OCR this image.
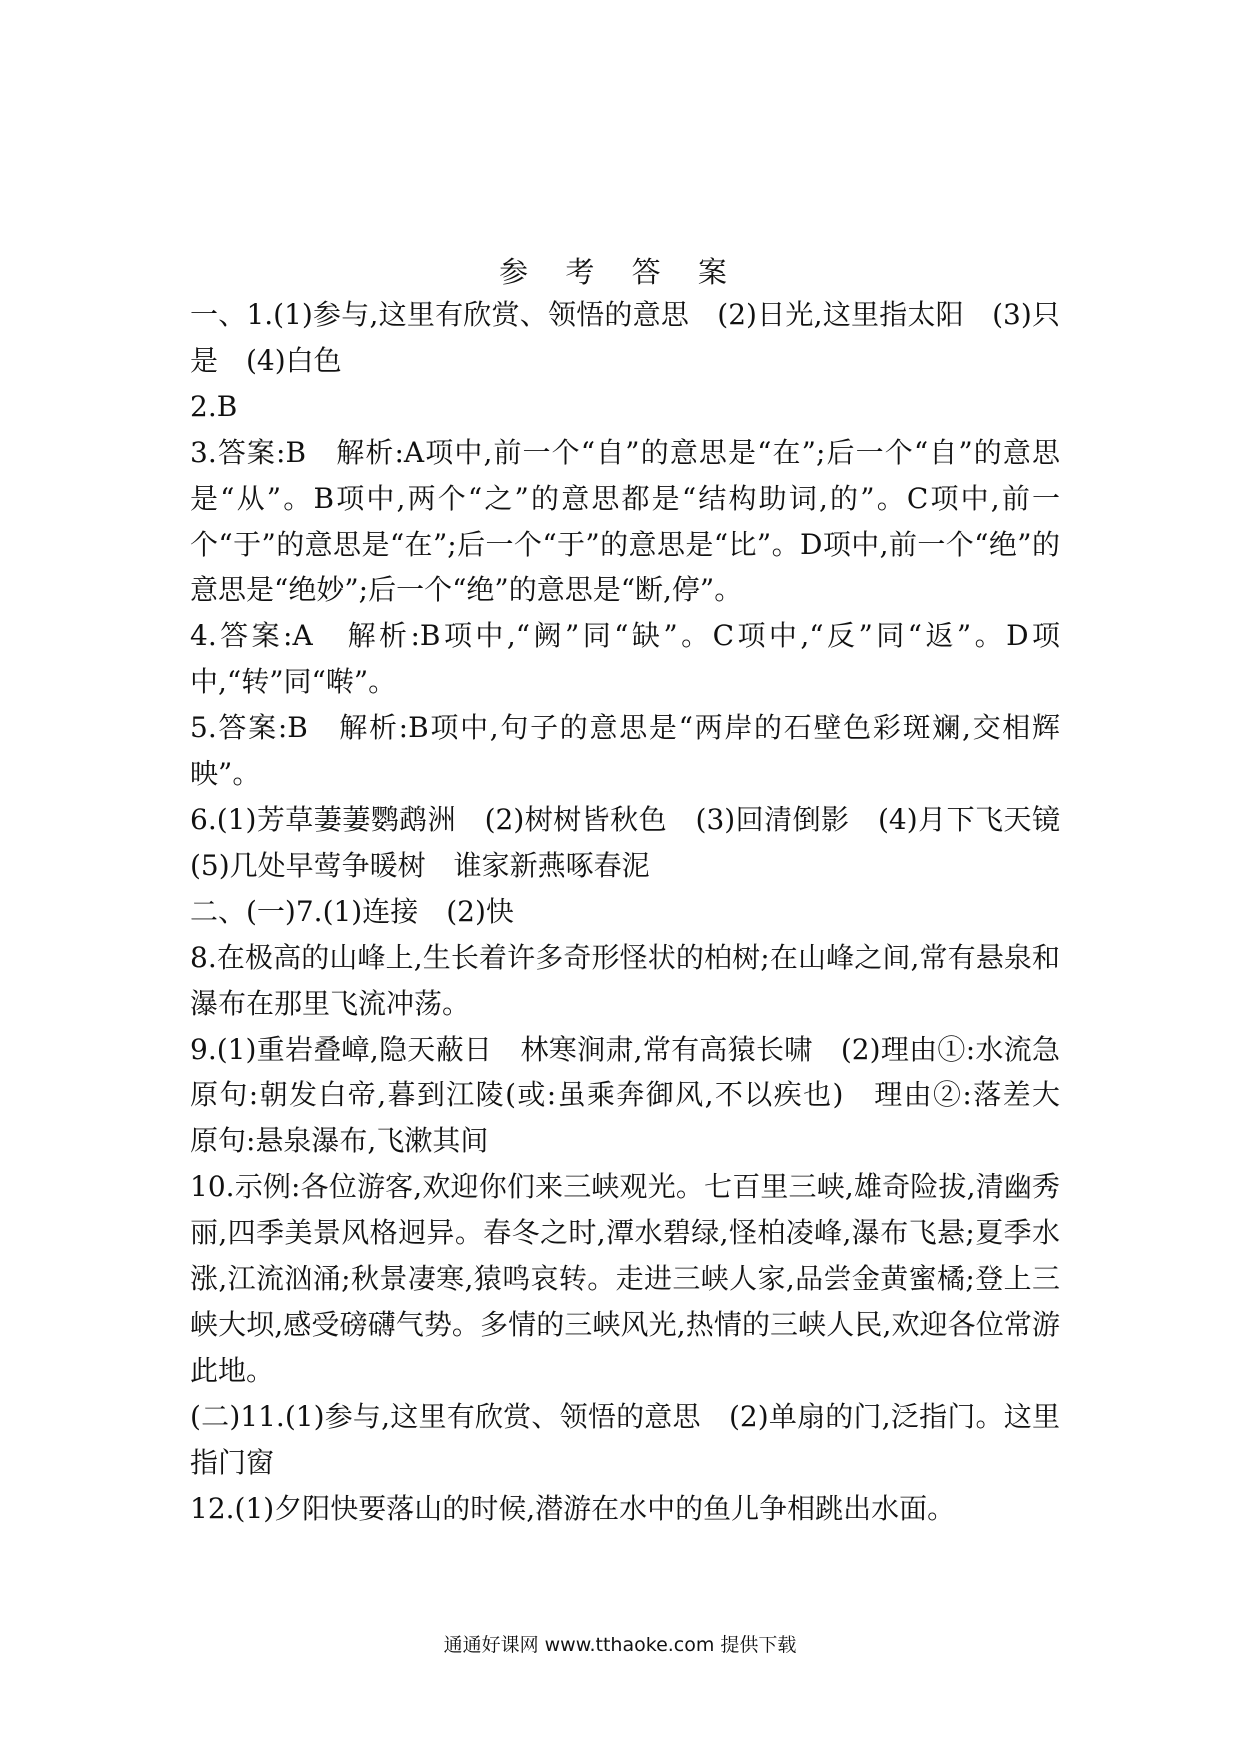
参 考 答 案

一、1.(1)参与,这里有欣赏、领悟的意思　(2)日光,这里指太阳　(3)只是　(4)白色

2.B

3.答案:B　解析:A项中,前一个“自”的意思是“在”;后一个“自”的意思是“从”。B项中,两个“之”的意思都是“结构助词,的”。C项中,前一个“于”的意思是“在”;后一个“于”的意思是“比”。D项中,前一个“绝”的意思是“绝妙”;后一个“绝”的意思是“断,停”。

4.答案:A　解析:B项中,“阙”同“缺”。C项中,“反”同“返”。D项中,“转”同“啭”。

5.答案:B　解析:B项中,句子的意思是“两岸的石壁色彩斑斓,交相辉映”。

6.(1)芳草萋萋鹦鹉洲　(2)树树皆秋色　(3)回清倒影　(4)月下飞天镜　(5)几处早莺争暖树　谁家新燕啄春泥

二、(一)7.(1)连接　(2)快

8.在极高的山峰上,生长着许多奇形怪状的柏树;在山峰之间,常有悬泉和瀑布在那里飞流冲荡。

9.(1)重岩叠嶂,隐天蔽日　林寒涧肃,常有高猿长啸　(2)理由①:水流急　原句:朝发白帝,暮到江陵(或:虽乘奔御风,不以疾也)　理由②:落差大　原句:悬泉瀑布,飞漱其间

10.示例:各位游客,欢迎你们来三峡观光。七百里三峡,雄奇险拔,清幽秀丽,四季美景风格迥异。春冬之时,潭水碧绿,怪柏凌峰,瀑布飞悬;夏季水涨,江流汹涌;秋景凄寒,猿鸣哀转。走进三峡人家,品尝金黄蜜橘;登上三峡大坝,感受磅礴气势。多情的三峡风光,热情的三峡人民,欢迎各位常游此地。

(二)11.(1)参与,这里有欣赏、领悟的意思　(2)单扇的门,泛指门。这里指门窗

12.(1)夕阳快要落山的时候,潜游在水中的鱼儿争相跳出水面。

通通好课网 www.tthaoke.com 提供下载
